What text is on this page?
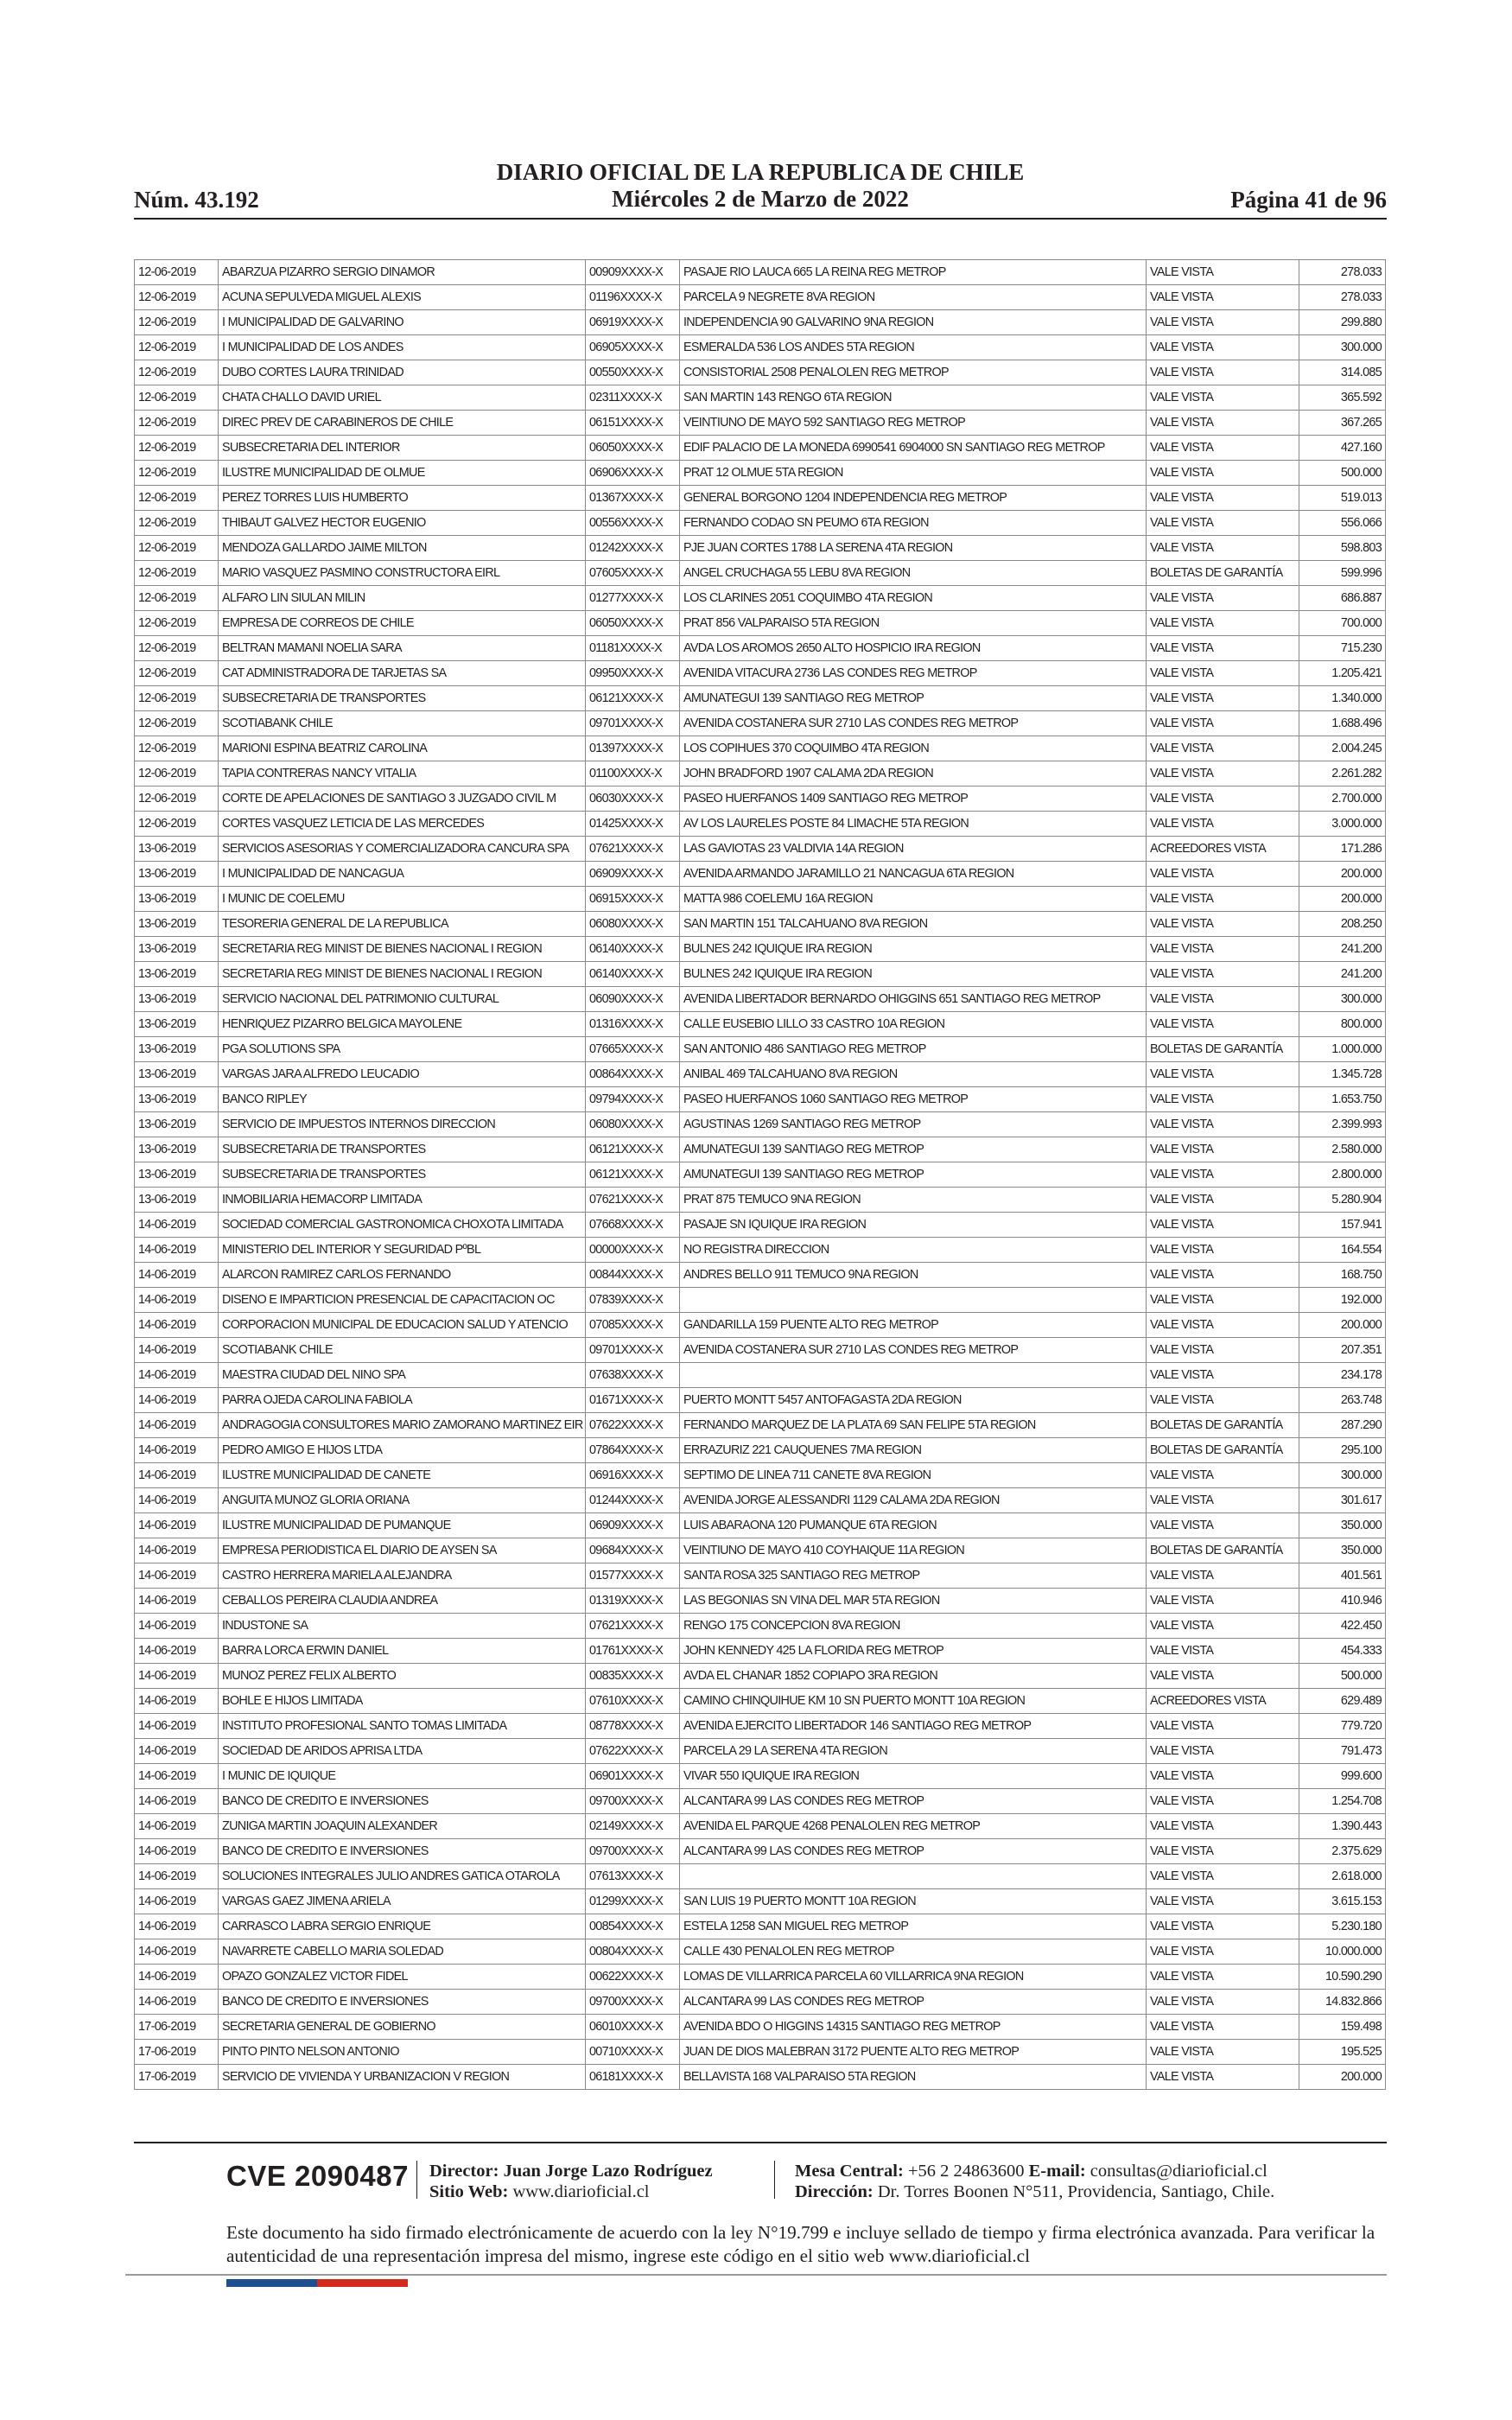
Núm. 43.192
DIARIO OFICIAL DE LA REPUBLICA DE CHILE
Miércoles 2 de Marzo de 2022	Página 41 de 96
12-06-2019	ABARZUA PIZARRO SERGIO DINAMOR	00909XXXX-X	PASAJE RIO LAUCA 665 LA REINA REG METROP	VALE VISTA	278.033
12-06-2019	ACUNA SEPULVEDA MIGUEL ALEXIS	01196XXXX-X	PARCELA 9 NEGRETE 8VA REGION	VALE VISTA	278.033
12-06-2019	I MUNICIPALIDAD DE GALVARINO	06919XXXX-X	INDEPENDENCIA 90 GALVARINO 9NA REGION	VALE VISTA	299.880
12-06-2019	I MUNICIPALIDAD DE LOS ANDES	06905XXXX-X	ESMERALDA 536 LOS ANDES 5TA REGION	VALE VISTA	300.000
12-06-2019	DUBO CORTES LAURA TRINIDAD	00550XXXX-X	CONSISTORIAL 2508 PENALOLEN REG METROP	VALE VISTA	314.085
12-06-2019	CHATA CHALLO DAVID URIEL	02311XXXX-X	SAN MARTIN 143 RENGO 6TA REGION	VALE VISTA	365.592
12-06-2019	DIREC PREV DE CARABINEROS DE CHILE	06151XXXX-X	VEINTIUNO DE MAYO 592 SANTIAGO REG METROP	VALE VISTA	367.265
12-06-2019	SUBSECRETARIA DEL INTERIOR	06050XXXX-X	EDIF PALACIO DE LA MONEDA 6990541 6904000 SN SANTIAGO REG METROP	VALE VISTA	427.160
12-06-2019	ILUSTRE MUNICIPALIDAD DE OLMUE	06906XXXX-X	PRAT 12 OLMUE 5TA REGION	VALE VISTA	500.000
12-06-2019	PEREZ TORRES LUIS HUMBERTO	01367XXXX-X	GENERAL BORGONO 1204 INDEPENDENCIA REG METROP	VALE VISTA	519.013
12-06-2019	THIBAUT GALVEZ HECTOR EUGENIO	00556XXXX-X	FERNANDO CODAO SN PEUMO 6TA REGION	VALE VISTA	556.066
12-06-2019	MENDOZA GALLARDO JAIME MILTON	01242XXXX-X	PJE JUAN CORTES 1788 LA SERENA 4TA REGION	VALE VISTA	598.803
12-06-2019	MARIO VASQUEZ PASMINO CONSTRUCTORA EIRL	07605XXXX-X	ANGEL CRUCHAGA 55 LEBU 8VA REGION	BOLETAS DE GARANTÍA	599.996
12-06-2019	ALFARO LIN SIULAN MILIN	01277XXXX-X	LOS CLARINES 2051 COQUIMBO 4TA REGION	VALE VISTA	686.887
12-06-2019	EMPRESA DE CORREOS DE CHILE	06050XXXX-X	PRAT 856 VALPARAISO 5TA REGION	VALE VISTA	700.000
12-06-2019	BELTRAN MAMANI NOELIA SARA	01181XXXX-X	AVDA LOS AROMOS 2650 ALTO HOSPICIO IRA REGION	VALE VISTA	715.230
12-06-2019	CAT ADMINISTRADORA DE TARJETAS SA	09950XXXX-X	AVENIDA VITACURA 2736 LAS CONDES REG METROP	VALE VISTA	1.205.421
12-06-2019	SUBSECRETARIA DE TRANSPORTES	06121XXXX-X	AMUNATEGUI 139 SANTIAGO REG METROP	VALE VISTA	1.340.000
12-06-2019	SCOTIABANK CHILE	09701XXXX-X	AVENIDA COSTANERA SUR 2710 LAS CONDES REG METROP	VALE VISTA	1.688.496
12-06-2019	MARIONI ESPINA BEATRIZ CAROLINA	01397XXXX-X	LOS COPIHUES 370 COQUIMBO 4TA REGION	VALE VISTA	2.004.245
12-06-2019	TAPIA CONTRERAS NANCY VITALIA	01100XXXX-X	JOHN BRADFORD 1907 CALAMA 2DA REGION	VALE VISTA	2.261.282
12-06-2019	CORTE DE APELACIONES DE SANTIAGO 3 JUZGADO CIVIL M	06030XXXX-X	PASEO HUERFANOS 1409 SANTIAGO REG METROP	VALE VISTA	2.700.000
12-06-2019	CORTES VASQUEZ LETICIA DE LAS MERCEDES	01425XXXX-X	AV LOS LAURELES POSTE 84 LIMACHE 5TA REGION	VALE VISTA	3.000.000
13-06-2019	SERVICIOS ASESORIAS Y COMERCIALIZADORA CANCURA SPA	07621XXXX-X	LAS GAVIOTAS 23 VALDIVIA 14A REGION	ACREEDORES VISTA	171.286
13-06-2019	I MUNICIPALIDAD DE NANCAGUA	06909XXXX-X	AVENIDA ARMANDO JARAMILLO 21 NANCAGUA 6TA REGION	VALE VISTA	200.000
13-06-2019	I MUNIC DE COELEMU	06915XXXX-X	MATTA 986 COELEMU 16A REGION	VALE VISTA	200.000
13-06-2019	TESORERIA GENERAL DE LA REPUBLICA	06080XXXX-X	SAN MARTIN 151 TALCAHUANO 8VA REGION	VALE VISTA	208.250
13-06-2019	SECRETARIA REG MINIST DE BIENES NACIONAL I REGION	06140XXXX-X	BULNES 242 IQUIQUE IRA REGION	VALE VISTA	241.200
13-06-2019	SECRETARIA REG MINIST DE BIENES NACIONAL I REGION	06140XXXX-X	BULNES 242 IQUIQUE IRA REGION	VALE VISTA	241.200
13-06-2019	SERVICIO NACIONAL DEL PATRIMONIO CULTURAL	06090XXXX-X	AVENIDA LIBERTADOR BERNARDO OHIGGINS 651 SANTIAGO REG METROP	VALE VISTA	300.000
13-06-2019	HENRIQUEZ PIZARRO BELGICA MAYOLENE	01316XXXX-X	CALLE EUSEBIO LILLO 33 CASTRO 10A REGION	VALE VISTA	800.000
13-06-2019	PGA SOLUTIONS SPA	07665XXXX-X	SAN ANTONIO 486 SANTIAGO REG METROP	BOLETAS DE GARANTÍA	1.000.000
13-06-2019	VARGAS JARA ALFREDO LEUCADIO	00864XXXX-X	ANIBAL 469 TALCAHUANO 8VA REGION	VALE VISTA	1.345.728
13-06-2019	BANCO RIPLEY	09794XXXX-X	PASEO HUERFANOS 1060 SANTIAGO REG METROP	VALE VISTA	1.653.750
13-06-2019	SERVICIO DE IMPUESTOS INTERNOS DIRECCION	06080XXXX-X	AGUSTINAS 1269 SANTIAGO REG METROP	VALE VISTA	2.399.993
13-06-2019	SUBSECRETARIA DE TRANSPORTES	06121XXXX-X	AMUNATEGUI 139 SANTIAGO REG METROP	VALE VISTA	2.580.000
13-06-2019	SUBSECRETARIA DE TRANSPORTES	06121XXXX-X	AMUNATEGUI 139 SANTIAGO REG METROP	VALE VISTA	2.800.000
13-06-2019	INMOBILIARIA HEMACORP LIMITADA	07621XXXX-X	PRAT 875 TEMUCO 9NA REGION	VALE VISTA	5.280.904
14-06-2019	SOCIEDAD COMERCIAL GASTRONOMICA CHOXOTA LIMITADA	07668XXXX-X	PASAJE SN IQUIQUE IRA REGION	VALE VISTA	157.941
14-06-2019	MINISTERIO DEL INTERIOR Y SEGURIDAD PºBL	00000XXXX-X	NO REGISTRA DIRECCION	VALE VISTA	164.554
14-06-2019	ALARCON RAMIREZ CARLOS FERNANDO	00844XXXX-X	ANDRES BELLO 911 TEMUCO 9NA REGION	VALE VISTA	168.750
14-06-2019	DISENO E IMPARTICION PRESENCIAL DE CAPACITACION OC	07839XXXX-X		VALE VISTA	192.000
14-06-2019	CORPORACION MUNICIPAL DE EDUCACION SALUD Y ATENCIO	07085XXXX-X	GANDARILLA 159 PUENTE ALTO REG METROP	VALE VISTA	200.000
14-06-2019	SCOTIABANK CHILE	09701XXXX-X	AVENIDA COSTANERA SUR 2710 LAS CONDES REG METROP	VALE VISTA	207.351
14-06-2019	MAESTRA CIUDAD DEL NINO SPA	07638XXXX-X		VALE VISTA	234.178
14-06-2019	PARRA OJEDA CAROLINA FABIOLA	01671XXXX-X	PUERTO MONTT 5457 ANTOFAGASTA 2DA REGION	VALE VISTA	263.748
14-06-2019	ANDRAGOGIA CONSULTORES MARIO ZAMORANO MARTINEZ EIR	07622XXXX-X	FERNANDO MARQUEZ DE LA PLATA 69 SAN FELIPE 5TA REGION	BOLETAS DE GARANTÍA	287.290
14-06-2019	PEDRO AMIGO E HIJOS LTDA	07864XXXX-X	ERRAZURIZ 221 CAUQUENES 7MA REGION	BOLETAS DE GARANTÍA	295.100
14-06-2019	ILUSTRE MUNICIPALIDAD DE CANETE	06916XXXX-X	SEPTIMO DE LINEA 711 CANETE 8VA REGION	VALE VISTA	300.000
14-06-2019	ANGUITA MUNOZ GLORIA ORIANA	01244XXXX-X	AVENIDA JORGE ALESSANDRI 1129 CALAMA 2DA REGION	VALE VISTA	301.617
14-06-2019	ILUSTRE MUNICIPALIDAD DE PUMANQUE	06909XXXX-X	LUIS ABARAONA 120 PUMANQUE 6TA REGION	VALE VISTA	350.000
14-06-2019	EMPRESA PERIODISTICA EL DIARIO DE AYSEN SA	09684XXXX-X	VEINTIUNO DE MAYO 410 COYHAIQUE 11A REGION	BOLETAS DE GARANTÍA	350.000
14-06-2019	CASTRO HERRERA MARIELA ALEJANDRA	01577XXXX-X	SANTA ROSA 325 SANTIAGO REG METROP	VALE VISTA	401.561
14-06-2019	CEBALLOS PEREIRA CLAUDIA ANDREA	01319XXXX-X	LAS BEGONIAS SN VINA DEL MAR 5TA REGION	VALE VISTA	410.946
14-06-2019	INDUSTONE SA	07621XXXX-X	RENGO 175 CONCEPCION 8VA REGION	VALE VISTA	422.450
14-06-2019	BARRA LORCA ERWIN DANIEL	01761XXXX-X	JOHN KENNEDY 425 LA FLORIDA REG METROP	VALE VISTA	454.333
14-06-2019	MUNOZ PEREZ FELIX ALBERTO	00835XXXX-X	AVDA EL CHANAR 1852 COPIAPO 3RA REGION	VALE VISTA	500.000
14-06-2019	BOHLE E HIJOS LIMITADA	07610XXXX-X	CAMINO CHINQUIHUE KM 10 SN PUERTO MONTT 10A REGION	ACREEDORES VISTA	629.489
14-06-2019	INSTITUTO PROFESIONAL SANTO TOMAS LIMITADA	08778XXXX-X	AVENIDA EJERCITO LIBERTADOR 146 SANTIAGO REG METROP	VALE VISTA	779.720
14-06-2019	SOCIEDAD DE ARIDOS APRISA LTDA	07622XXXX-X	PARCELA 29 LA SERENA 4TA REGION	VALE VISTA	791.473
14-06-2019	I MUNIC DE IQUIQUE	06901XXXX-X	VIVAR 550 IQUIQUE IRA REGION	VALE VISTA	999.600
14-06-2019	BANCO DE CREDITO E INVERSIONES	09700XXXX-X	ALCANTARA 99 LAS CONDES REG METROP	VALE VISTA	1.254.708
14-06-2019	ZUNIGA MARTIN JOAQUIN ALEXANDER	02149XXXX-X	AVENIDA EL PARQUE 4268 PENALOLEN REG METROP	VALE VISTA	1.390.443
14-06-2019	BANCO DE CREDITO E INVERSIONES	09700XXXX-X	ALCANTARA 99 LAS CONDES REG METROP	VALE VISTA	2.375.629
14-06-2019	SOLUCIONES INTEGRALES JULIO ANDRES GATICA OTAROLA	07613XXXX-X		VALE VISTA	2.618.000
14-06-2019	VARGAS GAEZ JIMENA ARIELA	01299XXXX-X	SAN LUIS 19 PUERTO MONTT 10A REGION	VALE VISTA	3.615.153
14-06-2019	CARRASCO LABRA SERGIO ENRIQUE	00854XXXX-X	ESTELA 1258 SAN MIGUEL REG METROP	VALE VISTA	5.230.180
14-06-2019	NAVARRETE CABELLO MARIA SOLEDAD	00804XXXX-X	CALLE 430 PENALOLEN REG METROP	VALE VISTA	10.000.000
14-06-2019	OPAZO GONZALEZ VICTOR FIDEL	00622XXXX-X	LOMAS DE VILLARRICA PARCELA 60 VILLARRICA 9NA REGION	VALE VISTA	10.590.290
14-06-2019	BANCO DE CREDITO E INVERSIONES	09700XXXX-X	ALCANTARA 99 LAS CONDES REG METROP	VALE VISTA	14.832.866
17-06-2019	SECRETARIA GENERAL DE GOBIERNO	06010XXXX-X	AVENIDA BDO O HIGGINS 14315 SANTIAGO REG METROP	VALE VISTA	159.498
17-06-2019	PINTO PINTO NELSON ANTONIO	00710XXXX-X	JUAN DE DIOS MALEBRAN 3172 PUENTE ALTO REG METROP	VALE VISTA	195.525
17-06-2019	SERVICIO DE VIVIENDA Y URBANIZACION V REGION	06181XXXX-X	BELLAVISTA 168 VALPARAISO 5TA REGION	VALE VISTA	200.000
CVE 2090487 Director: Juan Jorge Lazo Rodríguez
Sitio Web: www.diarioficial.cl
Mesa Central: +56 2 24863600 E-mail: consultas@diarioficial.cl
Dirección: Dr. Torres Boonen N°511, Providencia, Santiago, Chile.
Este documento ha sido firmado electrónicamente de acuerdo con la ley N°19.799 e incluye sellado de tiempo y firma electrónica avanzada. Para verificar la autenticidad de una representación impresa del mismo, ingrese este código en el sitio web www.diarioficial.cl
